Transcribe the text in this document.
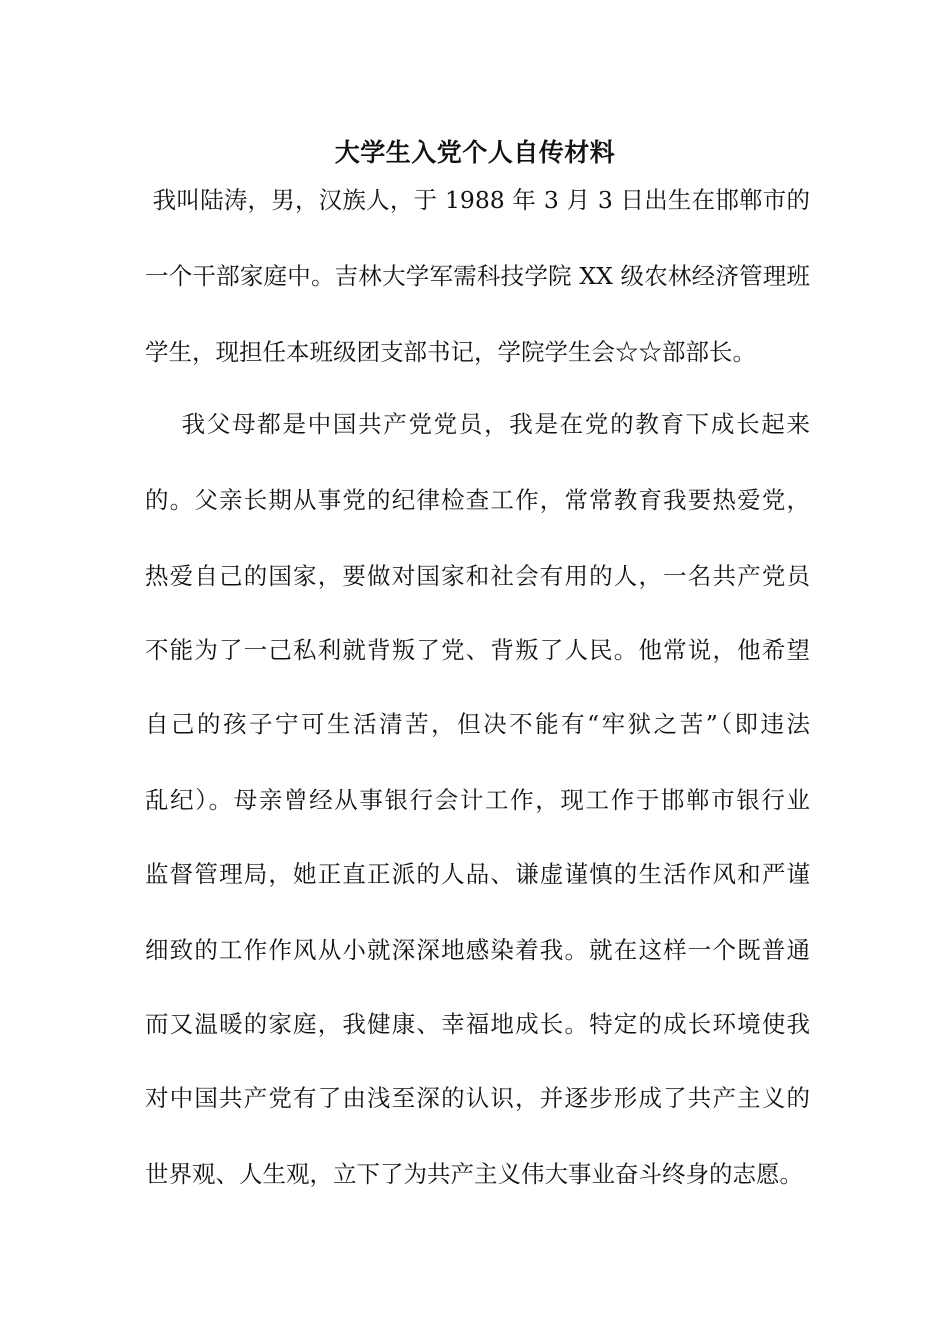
大学生入党个人自传材料
我叫陆涛，男，汉族人，于 1988 年 3 月 3 日出生在邯郸市的
一个干部家庭中。吉林大学军需科技学院 XX 级农林经济管理班
学生，现担任本班级团支部书记，学院学生会☆☆部部长。
我父母都是中国共产党党员，我是在党的教育下成长起来
的。父亲长期从事党的纪律检查工作，常常教育我要热爱党，
热爱自己的国家，要做对国家和社会有用的人，一名共产党员
不能为了一己私利就背叛了党、背叛了人民。他常说，他希望
自己的孩子宁可生活清苦，但决不能有“牢狱之苦”（即违法
乱纪）。母亲曾经从事银行会计工作，现工作于邯郸市银行业
监督管理局，她正直正派的人品、谦虚谨慎的生活作风和严谨
细致的工作作风从小就深深地感染着我。就在这样一个既普通
而又温暖的家庭，我健康、幸福地成长。特定的成长环境使我
对中国共产党有了由浅至深的认识，并逐步形成了共产主义的
世界观、人生观，立下了为共产主义伟大事业奋斗终身的志愿。
